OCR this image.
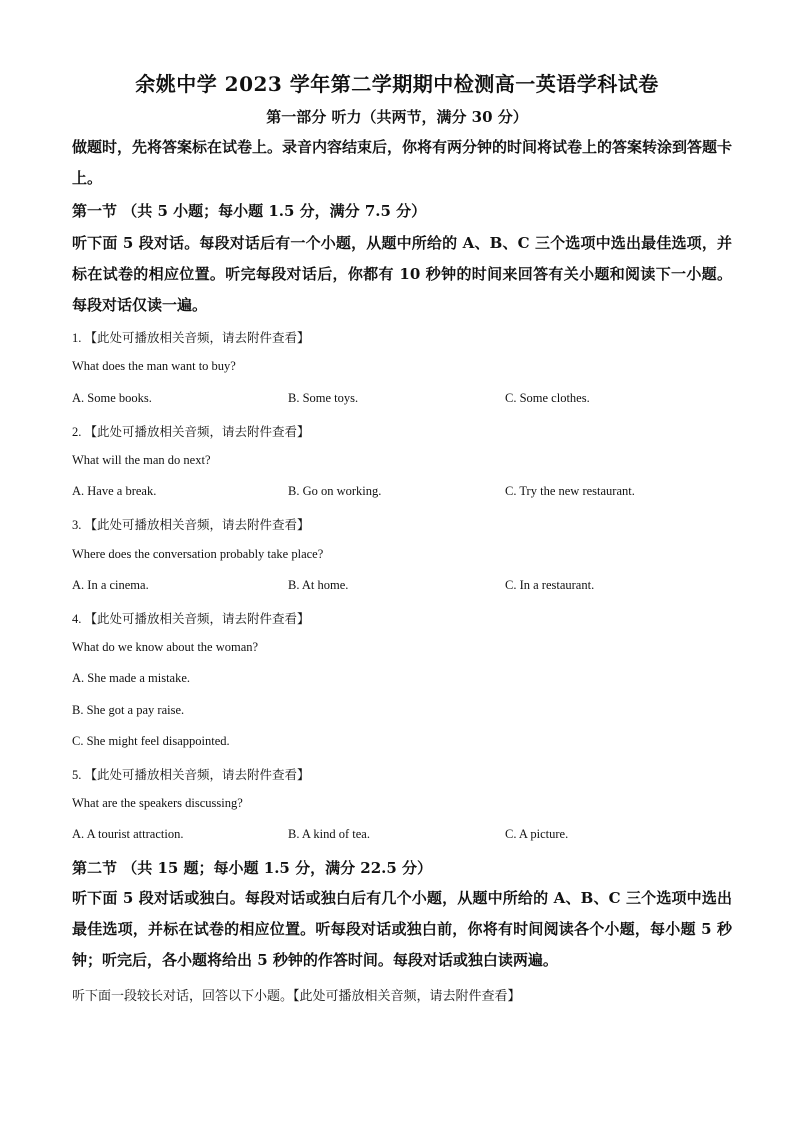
余姚中学 2023 学年第二学期期中检测高一英语学科试卷
第一部分 听力（共两节，满分 30 分）
做题时，先将答案标在试卷上。录音内容结束后，你将有两分钟的时间将试卷上的答案转涂到答题卡上。
第一节 （共 5 小题；每小题 1.5 分，满分 7.5 分）
听下面 5 段对话。每段对话后有一个小题，从题中所给的 A、B、C 三个选项中选出最佳选项，并标在试卷的相应位置。听完每段对话后，你都有 10 秒钟的时间来回答有关小题和阅读下一小题。每段对话仅读一遍。
1. 【此处可播放相关音频，请去附件查看】
What does the man want to buy?
A. Some books.	B. Some toys.	C. Some clothes.
2. 【此处可播放相关音频，请去附件查看】
What will the man do next?
A. Have a break.	B. Go on working.	C. Try the new restaurant.
3. 【此处可播放相关音频，请去附件查看】
Where does the conversation probably take place?
A. In a cinema.	B. At home.	C. In a restaurant.
4. 【此处可播放相关音频，请去附件查看】
What do we know about the woman?
A. She made a mistake.
B. She got a pay raise.
C. She might feel disappointed.
5. 【此处可播放相关音频，请去附件查看】
What are the speakers discussing?
A. A tourist attraction.	B. A kind of tea.	C. A picture.
第二节 （共 15 题；每小题 1.5 分，满分 22.5 分）
听下面 5 段对话或独白。每段对话或独白后有几个小题，从题中所给的 A、B、C 三个选项中选出最佳选项，并标在试卷的相应位置。听每段对话或独白前，你将有时间阅读各个小题，每小题 5 秒钟；听完后，各小题将给出 5 秒钟的作答时间。每段对话或独白读两遍。
听下面一段较长对话，回答以下小题。【此处可播放相关音频，请去附件查看】
